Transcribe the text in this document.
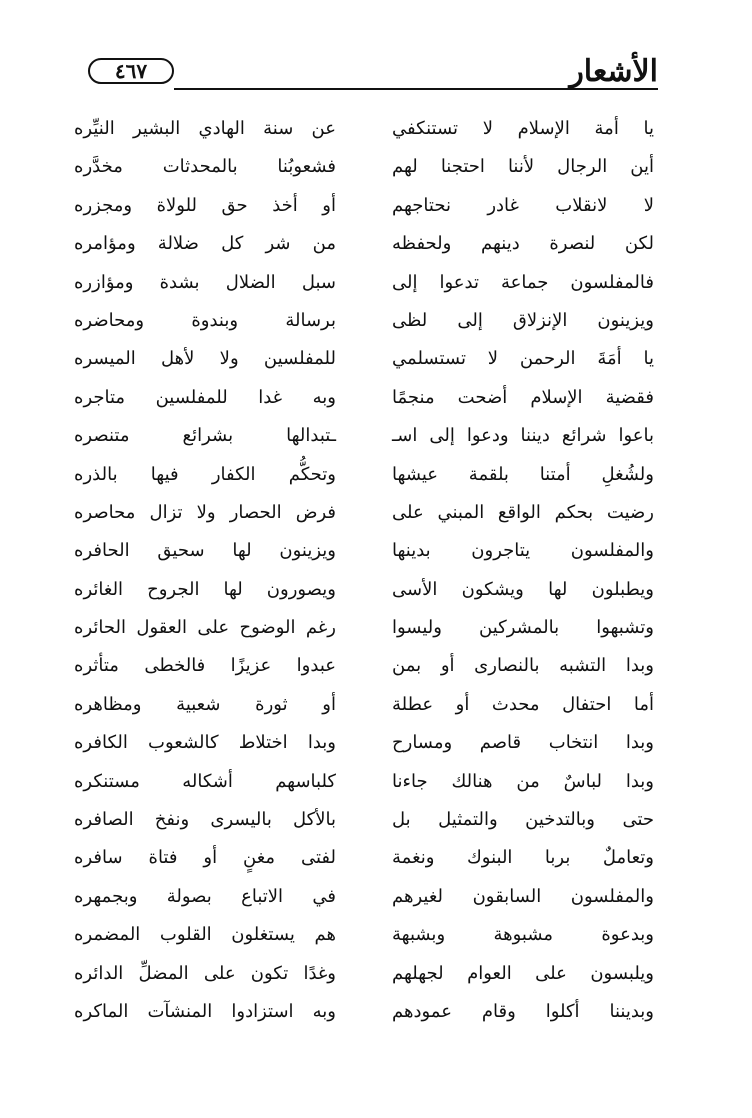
الأشعار
٤٦٧
يا
أمة
الإسلام
لا
تستنكفي
أين
الرجال
لأننا
احتجنا
لهم
لا
لانقلاب
غادر
نحتاجهم
لكن
لنصرة
دينهم
ولحفظه
فالمفلسون
جماعة
تدعوا
إلى
ويزينون
الإنزلاق
إلى
لظى
يا
أمَةَ
الرحمن
لا
تستسلمي
فقضية
الإسلام
أضحت
منجمًا
باعوا
شرائع
ديننا
ودعوا
إلى
اسـ
ولشُغلِ
أمتنا
بلقمة
عيشها
رضيت
بحكم
الواقع
المبني
على
والمفلسون
يتاجرون
بدينها
ويطبلون
لها
ويشكون
الأسى
وتشبهوا
بالمشركين
وليسوا
وبدا
التشبه
بالنصارى
أو
بمن
أما
احتفال
محدث
أو
عطلة
وبدا
انتخاب
قاصم
ومسارح
وبدا
لباسٌ
من
هنالك
جاءنا
حتى
وبالتدخين
والتمثيل
بل
وتعاملٌ
بربا
البنوك
ونغمة
والمفلسون
السابقون
لغيرهم
وبدعوة
مشبوهة
وبشبهة
ويلبسون
على
العوام
لجهلهم
وبديننا
أكلوا
وقام
عمودهم
عن
سنة
الهادي
البشير
النيِّره
فشعوبُنا
بالمحدثات
مخدَّره
أو
أخذ
حق
للولاة
ومجزره
من
شر
كل
ضلالة
ومؤامره
سبل
الضلال
بشدة
ومؤازره
برسالة
وبندوة
ومحاضره
للمفلسين
ولا
لأهل
الميسره
وبه
غدا
للمفلسين
متاجره
ـتبدالها
بشرائع
متنصره
وتحكُّم
الكفار
فيها
بالذره
فرض
الحصار
ولا
تزال
محاصره
ويزينون
لها
سحيق
الحافره
ويصورون
لها
الجروح
الغائره
رغم
الوضوح
على
العقول
الحائره
عبدوا
عزيزًا
فالخطى
متأثره
أو
ثورة
شعبية
ومظاهره
وبدا
اختلاط
كالشعوب
الكافره
كلباسهم
أشكاله
مستنكره
بالأكل
باليسرى
ونفخ
الصافره
لفتى
مغنٍ
أو
فتاة
سافره
في
الاتباع
بصولة
وبجمهره
هم
يستغلون
القلوب
المضمره
وغدًا
تكون
على
المضلِّ
الدائره
وبه
استزادوا
المنشآت
الماكره
